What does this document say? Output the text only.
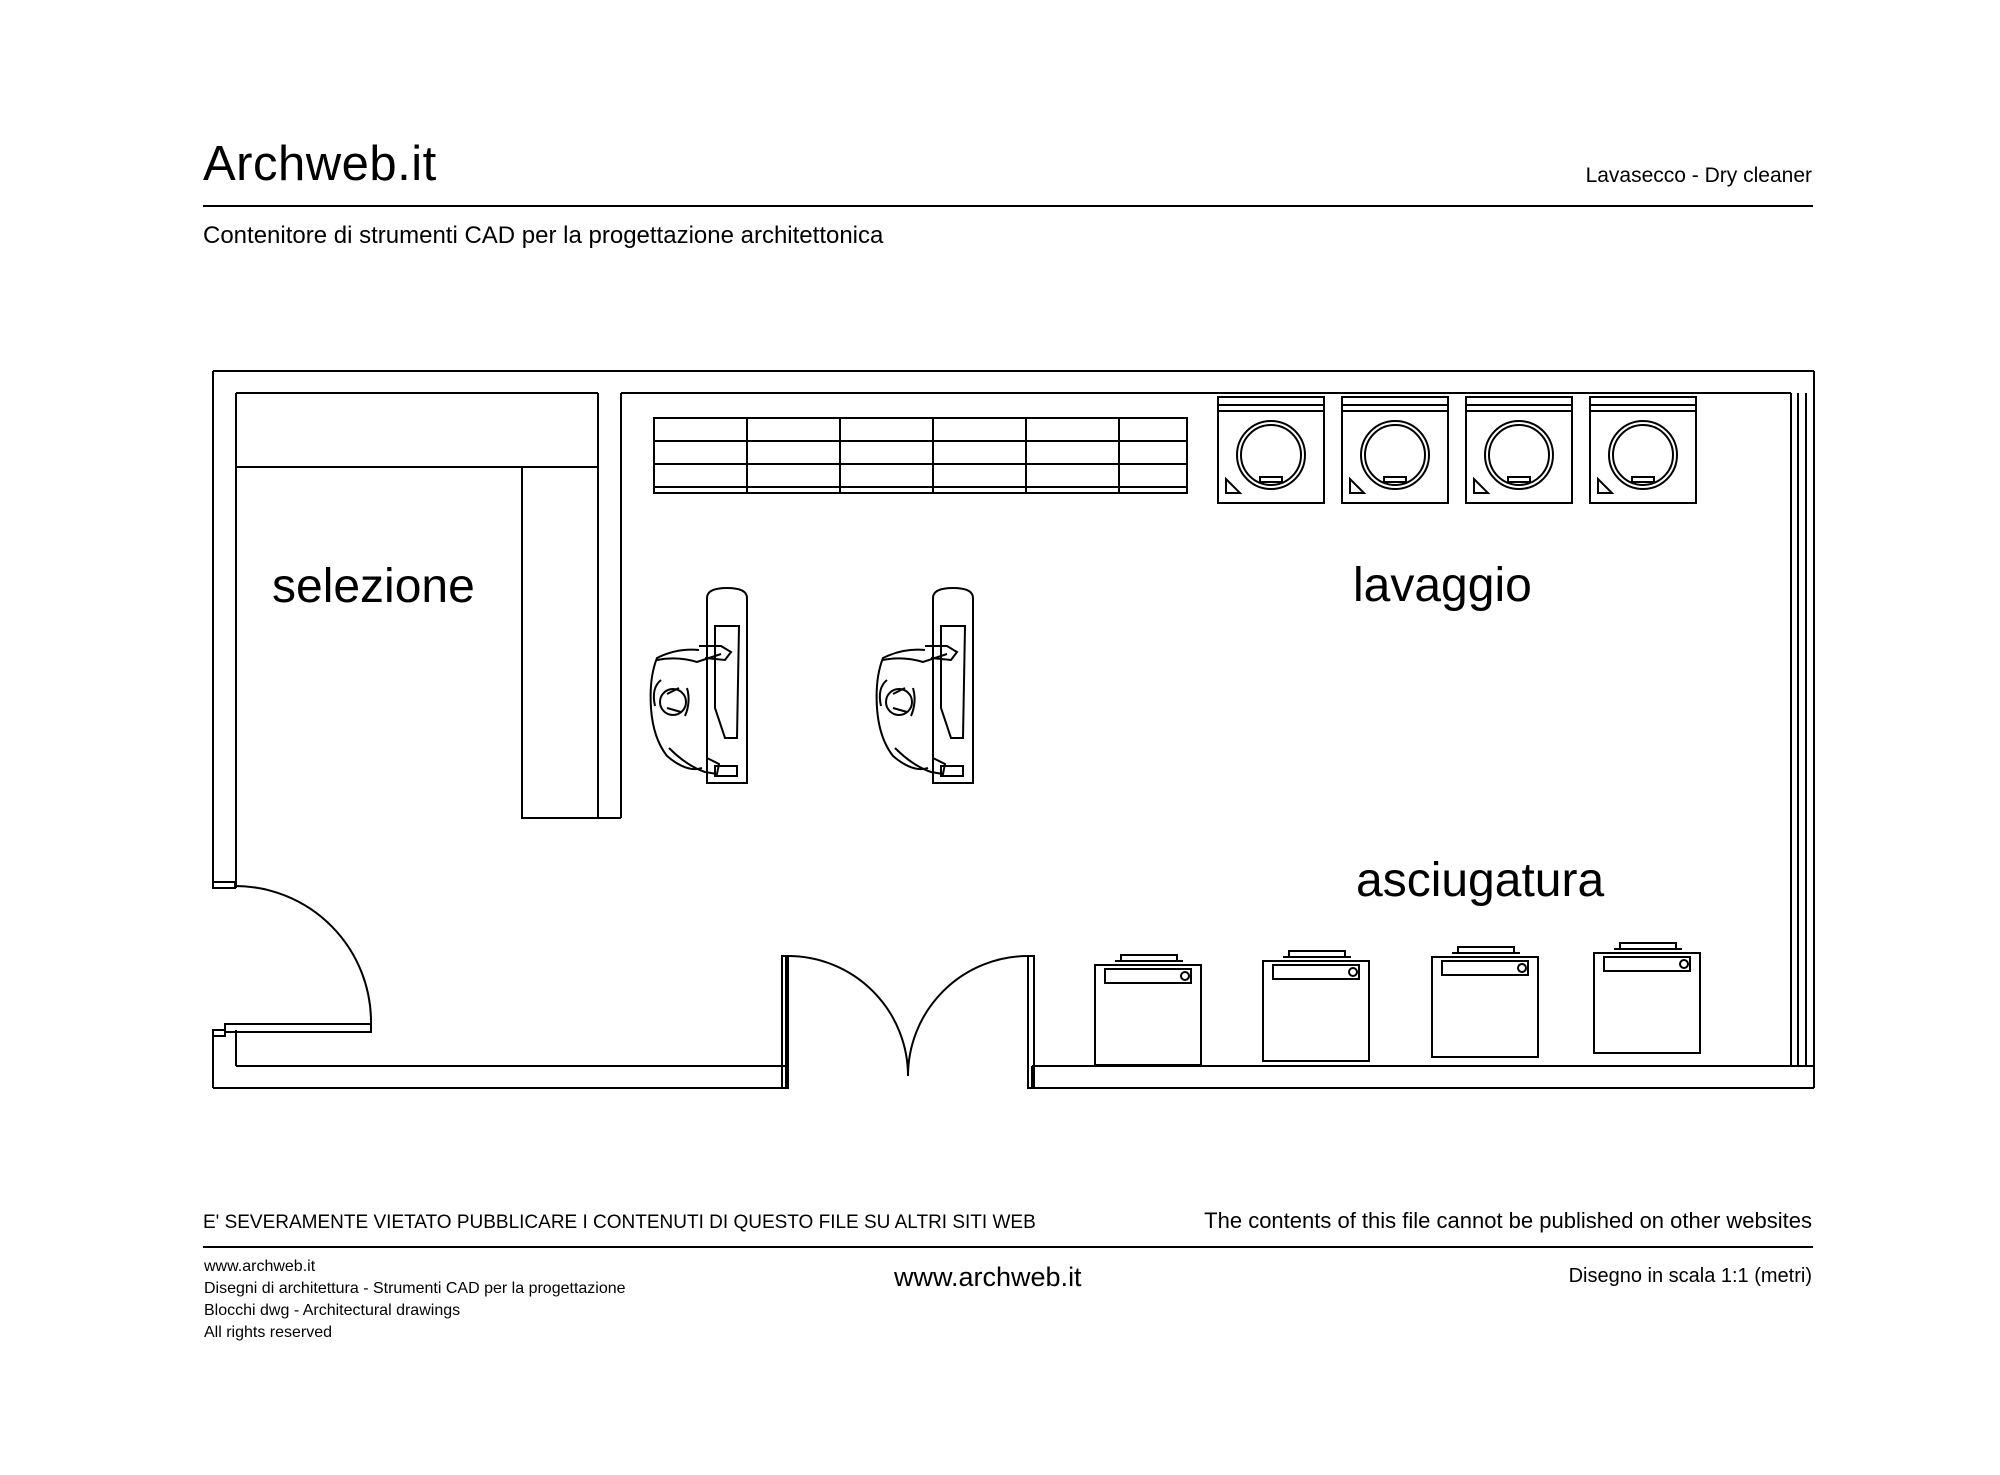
Archweb.it	Lavasecco - Dry cleaner
Contenitore di strumenti CAD per la progettazione architettonica
selezione	lavaggio
asciugatura
E' SEVERAMENTE VIETATO PUBBLICARE I CONTENUTI DI QUESTO FILE SU ALTRI SITI WEB	The contents of this file cannot be published on other websites
www.archweb.it
Disegni di architettura - Strumenti CAD per la progettazione
Blocchi dwg - Architectural drawings
All rights reserved
www.archweb.it	Disegno in scala 1:1 (metri)
